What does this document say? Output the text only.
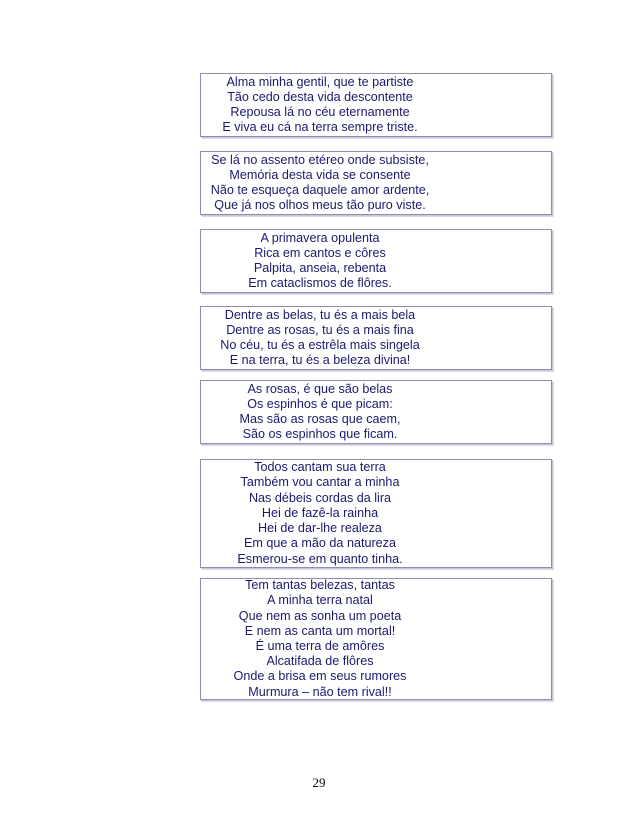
Alma minha gentil, que te partiste
Tão cedo desta vida descontente
Repousa lá no céu eternamente
E viva eu cá na terra sempre triste.
Se lá no assento etéreo onde subsiste,
Memória desta vida se consente
Não te esqueça daquele amor ardente,
Que já nos olhos meus tão puro viste.
A primavera opulenta
Rica em cantos e côres
Palpita, anseia, rebenta
Em cataclismos de flôres.
Dentre as belas, tu és a mais bela
Dentre as rosas, tu és a mais fina
No céu, tu és a estrêla mais singela
E na terra, tu és a beleza divina!
As rosas, é que são belas
Os espinhos é que picam:
Mas são as rosas que caem,
São os espinhos que ficam.
Todos cantam sua terra
Também vou cantar a minha
Nas débeis cordas da lira
Hei de fazê-la rainha
Hei de dar-lhe realeza
Em que a mão da natureza
Esmerou-se em quanto tinha.
Tem tantas belezas, tantas
A minha terra natal
Que nem as sonha um poeta
E nem as canta um mortal!
É uma terra de amôres
Alcatifada de flôres
Onde a brisa em seus rumores
Murmura – não tem rival!!
29
